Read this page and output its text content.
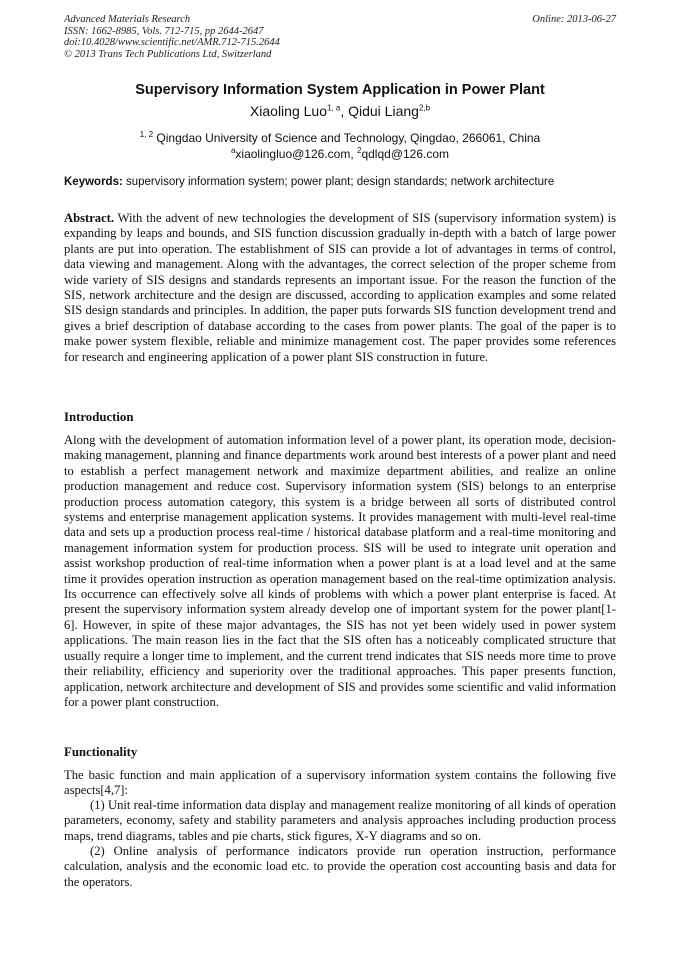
Advanced Materials Research
ISSN: 1662-8985, Vols. 712-715, pp 2644-2647
doi:10.4028/www.scientific.net/AMR.712-715.2644
© 2013 Trans Tech Publications Ltd, Switzerland
Online: 2013-06-27
Supervisory Information System Application in Power Plant
Xiaoling Luo$^{1, a}$, Qidui Liang$^{2,b}$
$^{1, 2}$ Qingdao University of Science and Technology, Qingdao, 266061, China
$^a$xiaolingluo@126.com, $^2$qdlqd@126.com
Keywords: supervisory information system; power plant; design standards; network architecture

Abstract. With the advent of new technologies the development of SIS (supervisory information system) is expanding by leaps and bounds, and SIS function discussion gradually in-depth with a batch of large power plants are put into operation. The establishment of SIS can provide a lot of advantages in terms of control, data viewing and management. Along with the advantages, the correct selection of the proper scheme from wide variety of SIS designs and standards represents an important issue. For the reason the function of the SIS, network architecture and the design are discussed, according to application examples and some related SIS design standards and principles. In addition, the paper puts forwards SIS function development trend and gives a brief description of database according to the cases from power plants. The goal of the paper is to make power system flexible, reliable and minimize management cost. The paper provides some references for research and engineering application of a power plant SIS construction in future.

Introduction

Along with the development of automation information level of a power plant, its operation mode, decision-making management, planning and finance departments work around best interests of a power plant and need to establish a perfect management network and maximize department abilities, and realize an online production management and reduce cost. Supervisory information system (SIS) belongs to an enterprise production process automation category, this system is a bridge between all sorts of distributed control systems and enterprise management application systems. It provides management with multi-level real-time data and sets up a production process real-time / historical database platform and a real-time monitoring and management information system for production process. SIS will be used to integrate unit operation and assist workshop production of real-time information when a power plant is at a load level and at the same time it provides operation instruction as operation management based on the real-time optimization analysis. Its occurrence can effectively solve all kinds of problems with which a power plant enterprise is faced. At present the supervisory information system already develop one of important system for the power plant[1-6]. However, in spite of these major advantages, the SIS has not yet been widely used in power system applications. The main reason lies in the fact that the SIS often has a noticeably complicated structure that usually require a longer time to implement, and the current trend indicates that SIS needs more time to prove their reliability, efficiency and superiority over the traditional approaches. This paper presents function, application, network architecture and development of SIS and provides some scientific and valid information for a power plant construction.

Functionality

The basic function and main application of a supervisory information system contains the following five aspects[4,7]:

(1) Unit real-time information data display and management realize monitoring of all kinds of operation parameters, economy, safety and stability parameters and analysis approaches including production process maps, trend diagrams, tables and pie charts, stick figures, X-Y diagrams and so on.

(2) Online analysis of performance indicators provide run operation instruction, performance calculation, analysis and the economic load etc. to provide the operation cost accounting basis and data for the operators.
